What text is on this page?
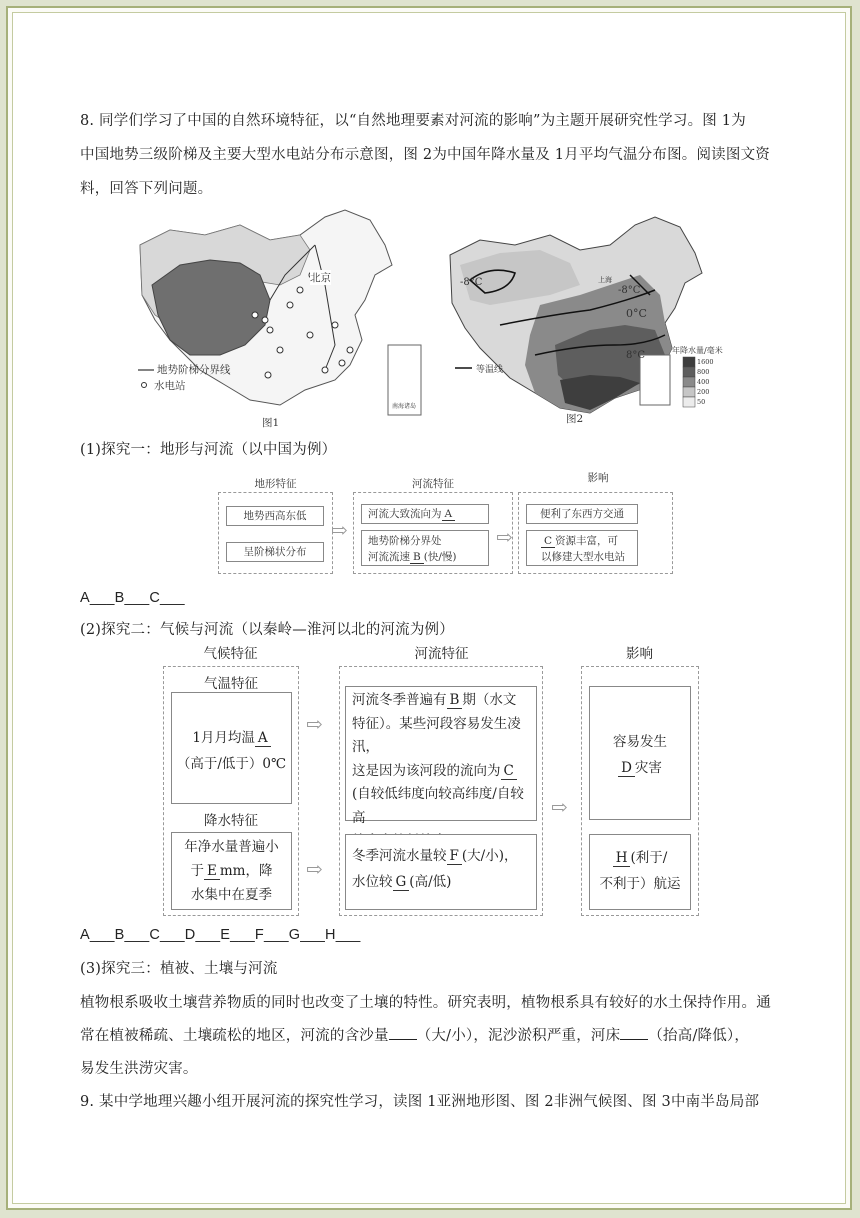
8. 同学们学习了中国的自然环境特征，以“自然地理要素对河流的影响”为主题开展研究性学习。图 1为
中国地势三级阶梯及主要大型水电站分布示意图，图 2为中国年降水量及 1月平均气温分布图。阅读图文资
料，回答下列问题。
北京
地势阶梯分界线
水电站
南海诸岛
图1
-8°C
-8°C
0°C
8°C
上海
等温线
年降水量/毫米
1600
800
400
200
50
图2
(1)探究一：地形与河流（以中国为例）
地形特征	河流特征	影响
地势西高东低
呈阶梯状分布
河流大致流向为 A
地势阶梯分界处
河流流速 B (快/慢)
⇨	⇨
便利了东西方交通
C 资源丰富，可
以修建大型水电站
A___B___C___
(2)探究二：气候与河流（以秦岭—淮河以北的河流为例）
气候特征	河流特征	影响
气温特征
1月月均温 A
（高于/低于）0℃
降水特征
年净水量普遍小
于 E mm，降
水集中在夏季
⇨
⇨
河流冬季普遍有 B 期（水文
特征）。某些河段容易发生凌汛，
这是因为该河段的流向为 C
(自较低纬度向较高纬度/自较高
冬季河流水量较 F (大/小)，
水位较 G (高/低)
⇨
容易发生
D 灾害
H (利于/
不利于）航运
A___B___C___D___E___F___G___H___
(3)探究三：植被、土壤与河流
植物根系吸收土壤营养物质的同时也改变了土壤的特性。研究表明，植物根系具有较好的水土保持作用。通
常在植被稀疏、土壤疏松的地区，河流的含沙量 （大/小），泥沙淤积严重，河床 （抬高/降低），
易发生洪涝灾害。
9. 某中学地理兴趣小组开展河流的探究性学习，读图 1亚洲地形图、图 2非洲气候图、图 3中南半岛局部
